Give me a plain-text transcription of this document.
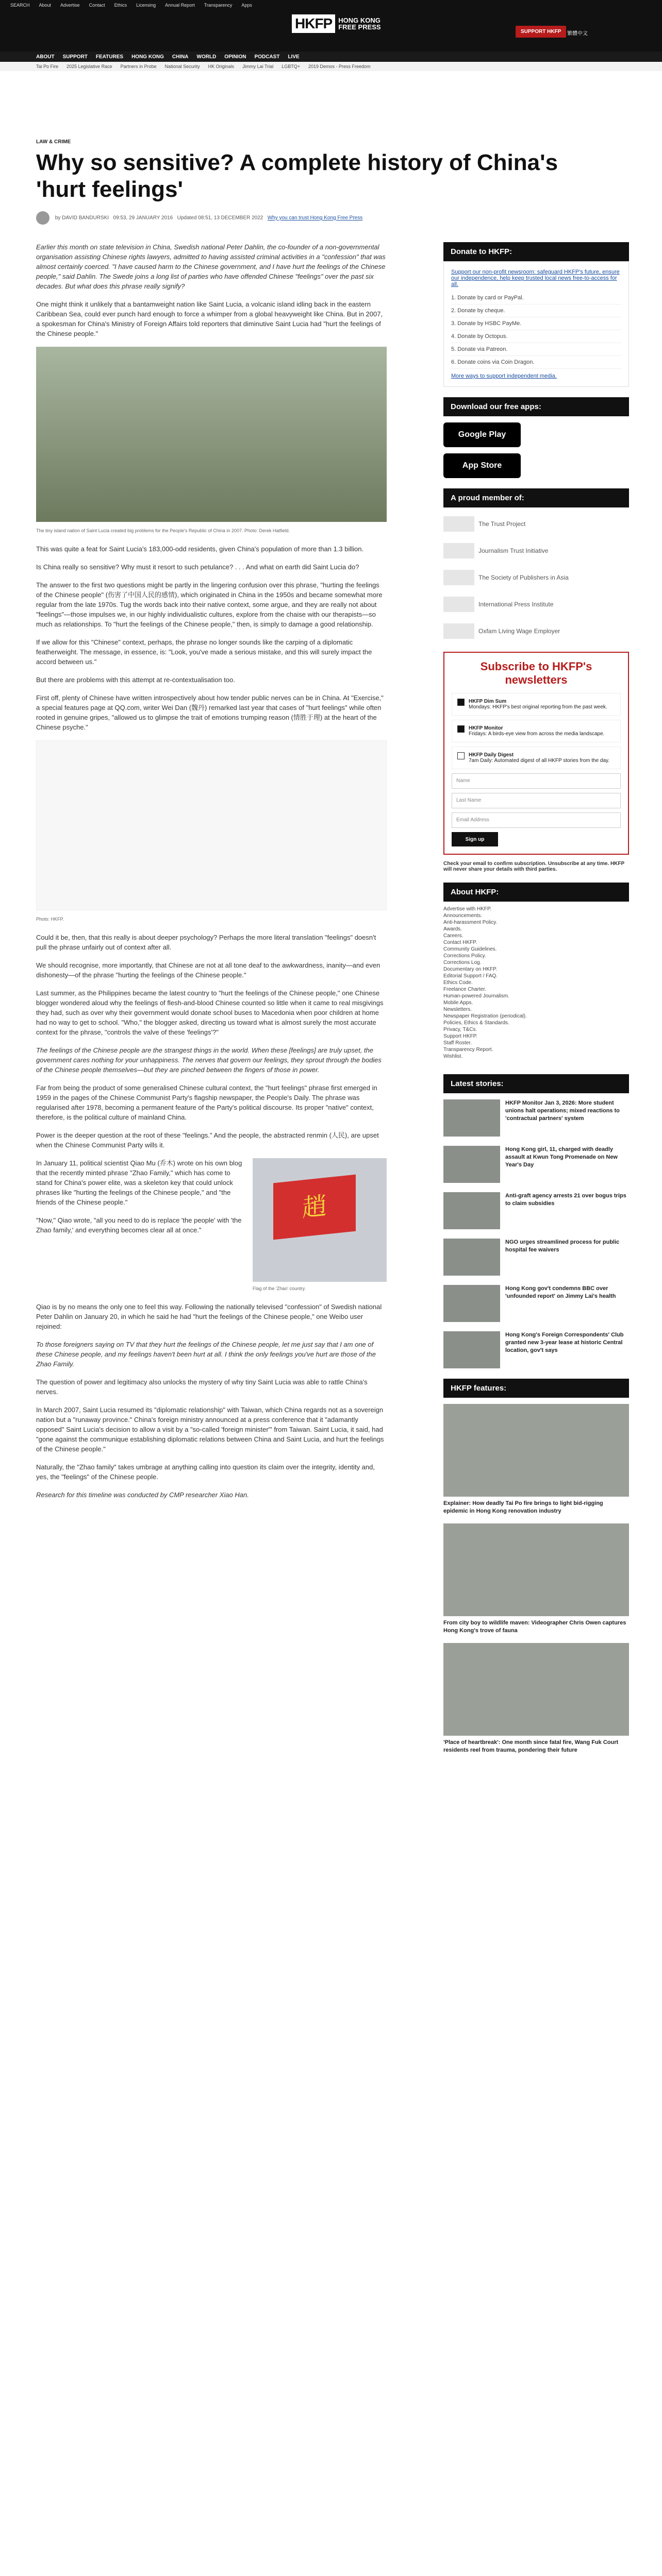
SEARCH About Advertise Contact Ethics Licensing Annual Report Transparency Apps
HKFP HONG KONG
FREE PRESS
SUPPORT HKFP	繁體中文
ABOUT SUPPORT FEATURES HONG KONG CHINA WORLD OPINION PODCAST LIVE
Tai Po Fire 2025 Legislative Race Partners in Probe National Security HK Originals Jimmy Lai Trial LGBTQ+ 2019 Demos - Press Freedom
LAW & CRIME
Why so sensitive? A complete history of China's 'hurt feelings'
by DAVID BANDURSKI 09:53, 29 JANUARY 2016 Updated 08:51, 13 DECEMBER 2022 Why you can trust Hong Kong Free Press

Earlier this month on state television in China, Swedish national Peter Dahlin, the co-founder of a non-governmental organisation assisting Chinese rights lawyers, admitted to having assisted criminal activities in a "confession" that was almost certainly coerced. "I have caused harm to the Chinese government, and I have hurt the feelings of the Chinese people," said Dahlin. The Swede joins a long list of parties who have offended Chinese "feelings" over the past six decades. But what does this phrase really signify?

One might think it unlikely that a bantamweight nation like Saint Lucia, a volcanic island idling back in the eastern Caribbean Sea, could ever punch hard enough to force a whimper from a global heavyweight like China. But in 2007, a spokesman for China's Ministry of Foreign Affairs told reporters that diminutive Saint Lucia had "hurt the feelings of the Chinese people."

The tiny island nation of Saint Lucia created big problems for the People's Republic of China in 2007. Photo: Derek Hatfield.

This was quite a feat for Saint Lucia's 183,000-odd residents, given China's population of more than 1.3 billion.

Is China really so sensitive? Why must it resort to such petulance? . . . And what on earth did Saint Lucia do?

The answer to the first two questions might be partly in the lingering confusion over this phrase, "hurting the feelings of the Chinese people" (伤害了中国人民的感情), which originated in China in the 1950s and became somewhat more regular from the late 1970s. Tug the words back into their native context, some argue, and they are really not about "feelings"—those impulses we, in our highly individualistic cultures, explore from the chaise with our therapists—so much as relationships. To "hurt the feelings of the Chinese people," then, is simply to damage a good relationship.

If we allow for this "Chinese" context, perhaps, the phrase no longer sounds like the carping of a diplomatic featherweight. The message, in essence, is: "Look, you've made a serious mistake, and this will surely impact the accord between us."

But there are problems with this attempt at re-contextualisation too.

First off, plenty of Chinese have written introspectively about how tender public nerves can be in China. At "Exercise," a special features page at QQ.com, writer Wei Dan (魏丹) remarked last year that cases of "hurt feelings" while often rooted in genuine gripes, "allowed us to glimpse the trait of emotions trumping reason (情胜于理) at the heart of the Chinese psyche."

Photo: HKFP.

Could it be, then, that this really is about deeper psychology? Perhaps the more literal translation "feelings" doesn't pull the phrase unfairly out of context after all.

We should recognise, more importantly, that Chinese are not at all tone deaf to the awkwardness, inanity—and even dishonesty—of the phrase "hurting the feelings of the Chinese people."

Last summer, as the Philippines became the latest country to "hurt the feelings of the Chinese people," one Chinese blogger wondered aloud why the feelings of flesh-and-blood Chinese counted so little when it came to real misgivings they had, such as over why their government would donate school buses to Macedonia when poor children at home had no way to get to school. "Who," the blogger asked, directing us toward what is almost surely the most accurate context for the phrase, "controls the valve of these 'feelings'?"

The feelings of the Chinese people are the strangest things in the world. When these [feelings] are truly upset, the government cares nothing for your unhappiness. The nerves that govern our feelings, they sprout through the bodies of the Chinese people themselves—but they are pinched between the fingers of those in power.

Far from being the product of some generalised Chinese cultural context, the "hurt feelings" phrase first emerged in 1959 in the pages of the Chinese Communist Party's flagship newspaper, the People's Daily. The phrase was regularised after 1978, becoming a permanent feature of the Party's political discourse. Its proper "native" context, therefore, is the political culture of mainland China.

Power is the deeper question at the root of these "feelings." And the people, the abstracted renmin (人民), are upset when the Chinese Communist Party wills it.

In January 11, political scientist Qiao Mu (乔木) wrote on his own blog that the recently minted phrase "Zhao Family," which has come to stand for China's power elite, was a skeleton key that could unlock phrases like "hurting the feelings of the Chinese people," and "the friends of the Chinese people."

"Now," Qiao wrote, "all you need to do is replace 'the people' with 'the Zhao family,' and everything becomes clear all at once."

趙
Flag of the 'Zhao' country.

Qiao is by no means the only one to feel this way. Following the nationally televised "confession" of Swedish national Peter Dahlin on January 20, in which he said he had "hurt the feelings of the Chinese people," one Weibo user rejoined:

To those foreigners saying on TV that they hurt the feelings of the Chinese people, let me just say that I am one of these Chinese people, and my feelings haven't been hurt at all. I think the only feelings you've hurt are those of the Zhao Family.

The question of power and legitimacy also unlocks the mystery of why tiny Saint Lucia was able to rattle China's nerves.

In March 2007, Saint Lucia resumed its "diplomatic relationship" with Taiwan, which China regards not as a sovereign nation but a "runaway province." China's foreign ministry announced at a press conference that it "adamantly opposed" Saint Lucia's decision to allow a visit by a "so-called 'foreign minister'" from Taiwan. Saint Lucia, it said, had "gone against the communique establishing diplomatic relations between China and Saint Lucia, and hurt the feelings of the Chinese people."

Naturally, the "Zhao family" takes umbrage at anything calling into question its claim over the integrity, identity and, yes, the "feelings" of the Chinese people.

Research for this timeline was conducted by CMP researcher Xiao Han.

Donate to HKFP:

Support our non-profit newsroom: safeguard HKFP's future, ensure our independence, help keep trusted local news free-to-access for all.

1. Donate by card or PayPal.
2. Donate by cheque.
3. Donate by HSBC PayMe.
4. Donate by Octopus.
5. Donate via Patreon.
6. Donate coins via Coin Dragon.
More ways to support independent media.
Download our free apps:
Google Play
App Store
A proud member of:
The Trust Project
Journalism Trust Initiative
The Society of Publishers in Asia
International Press Institute
Oxfam Living Wage Employer
Subscribe to HKFP's newsletters
HKFP Dim Sum
Mondays: HKFP's best original reporting from the past week.
HKFP Monitor
Fridays: A birds-eye view from across the media landscape.
HKFP Daily Digest
7am Daily: Automated digest of all HKFP stories from the day.
Name
Last Name
Email Address
Sign up

Check your email to confirm subscription. Unsubscribe at any time. HKFP will never share your details with third parties.

About HKFP:
Advertise with HKFP.
Announcements.
Anti-harassment Policy.
Awards.
Careers.
Contact HKFP.
Community Guidelines.
Corrections Policy.
Corrections Log.
Documentary on HKFP.
Editorial Support / FAQ.
Ethics Code.
Freelance Charter.
Human-powered Journalism.
Mobile Apps.
Newsletters.
Newspaper Registration (periodical).
Policies, Ethics & Standards.
Privacy, T&Cs.
Support HKFP.
Staff Roster.
Transparency Report.
Wishlist.
Latest stories:
HKFP Monitor Jan 3, 2026: More student unions halt operations; mixed reactions to 'contractual partners' system
Hong Kong girl, 11, charged with deadly assault at Kwun Tong Promenade on New Year's Day
Anti-graft agency arrests 21 over bogus trips to claim subsidies
NGO urges streamlined process for public hospital fee waivers
Hong Kong gov't condemns BBC over 'unfounded report' on Jimmy Lai's health
Hong Kong's Foreign Correspondents' Club granted new 3-year lease at historic Central location, gov't says
HKFP features:
Explainer: How deadly Tai Po fire brings to light bid-rigging epidemic in Hong Kong renovation industry
From city boy to wildlife maven: Videographer Chris Owen captures Hong Kong's trove of fauna
'Place of heartbreak': One month since fatal fire, Wang Fuk Court residents reel from trauma, pondering their future
